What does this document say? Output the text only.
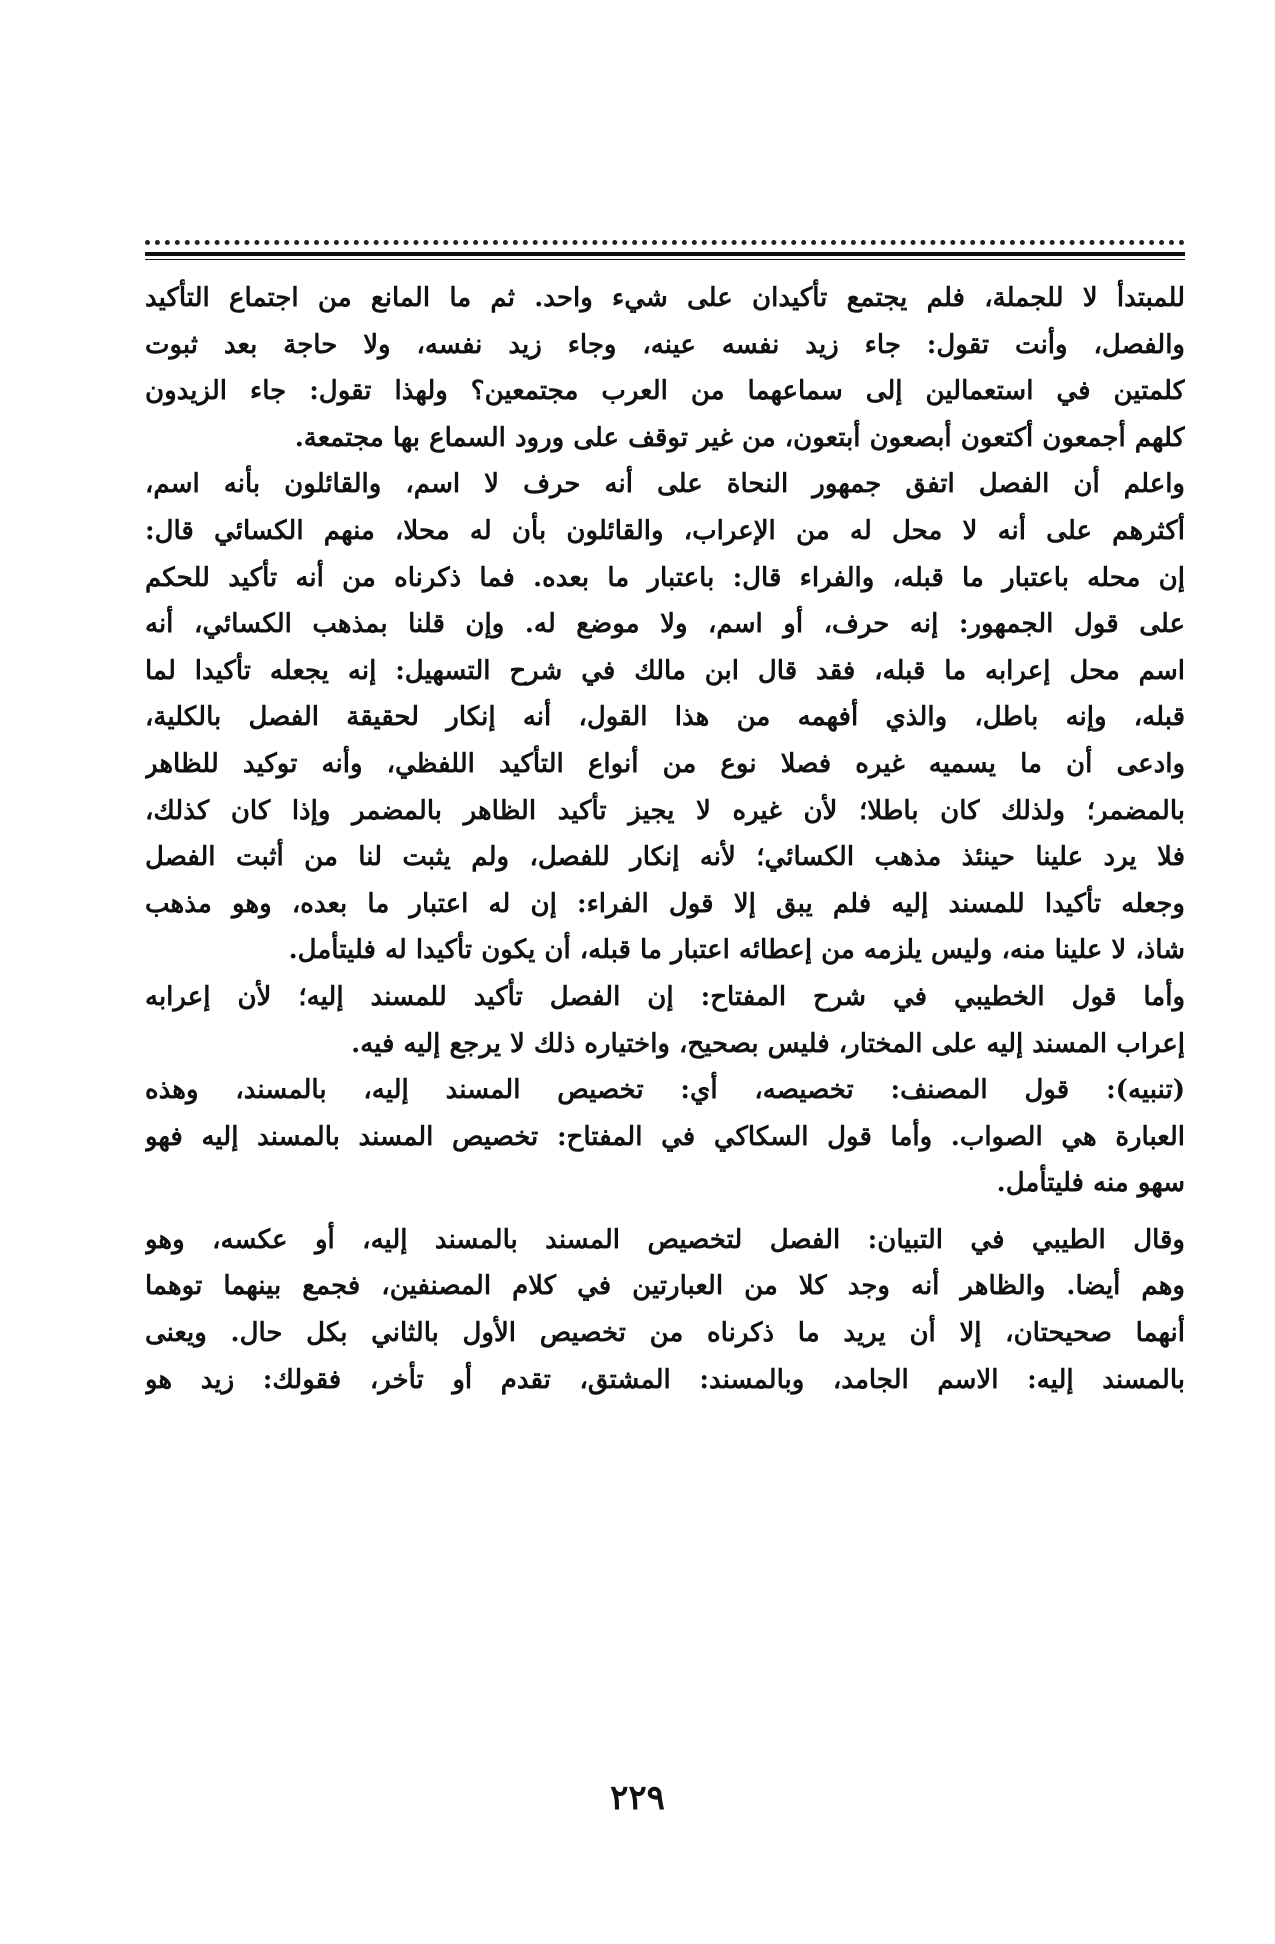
للمبتدأ لا للجملة، فلم يجتمع تأكيدان على شيء واحد. ثم ما المانع من اجتماع التأكيد
والفصل، وأنت تقول: جاء زيد نفسه عينه، وجاء زيد نفسه، ولا حاجة بعد ثبوت
كلمتين في استعمالين إلى سماعهما من العرب مجتمعين؟ ولهذا تقول: جاء الزيدون
كلهم أجمعون أكتعون أبصعون أبتعون، من غير توقف على ورود السماع بها مجتمعة.
واعلم أن الفصل اتفق جمهور النحاة على أنه حرف لا اسم، والقائلون بأنه اسم،
أكثرهم على أنه لا محل له من الإعراب، والقائلون بأن له محلا، منهم الكسائي قال:
إن محله باعتبار ما قبله، والفراء قال: باعتبار ما بعده. فما ذكرناه من أنه تأكيد للحكم
على قول الجمهور: إنه حرف، أو اسم، ولا موضع له. وإن قلنا بمذهب الكسائي، أنه
اسم محل إعرابه ما قبله، فقد قال ابن مالك في شرح التسهيل: إنه يجعله تأكيدا لما
قبله، وإنه باطل، والذي أفهمه من هذا القول، أنه إنكار لحقيقة الفصل بالكلية،
وادعى أن ما يسميه غيره فصلا نوع من أنواع التأكيد اللفظي، وأنه توكيد للظاهر
بالمضمر؛ ولذلك كان باطلا؛ لأن غيره لا يجيز تأكيد الظاهر بالمضمر وإذا كان كذلك،
فلا يرد علينا حينئذ مذهب الكسائي؛ لأنه إنكار للفصل، ولم يثبت لنا من أثبت الفصل
وجعله تأكيدا للمسند إليه فلم يبق إلا قول الفراء: إن له اعتبار ما بعده، وهو مذهب
شاذ، لا علينا منه، وليس يلزمه من إعطائه اعتبار ما قبله، أن يكون تأكيدا له فليتأمل.
وأما قول الخطيبي في شرح المفتاح: إن الفصل تأكيد للمسند إليه؛ لأن إعرابه
إعراب المسند إليه على المختار، فليس بصحيح، واختياره ذلك لا يرجع إليه فيه.
(تنبيه): قول المصنف: تخصيصه، أي: تخصيص المسند إليه، بالمسند، وهذه
العبارة هي الصواب. وأما قول السكاكي في المفتاح: تخصيص المسند بالمسند إليه فهو
سهو منه فليتأمل.
وقال الطيبي في التبيان: الفصل لتخصيص المسند بالمسند إليه، أو عكسه، وهو
وهم أيضا. والظاهر أنه وجد كلا من العبارتين في كلام المصنفين، فجمع بينهما توهما
أنهما صحيحتان، إلا أن يريد ما ذكرناه من تخصيص الأول بالثاني بكل حال. ويعنى
بالمسند إليه: الاسم الجامد، وبالمسند: المشتق، تقدم أو تأخر، فقولك: زيد هو
٢٢٩
